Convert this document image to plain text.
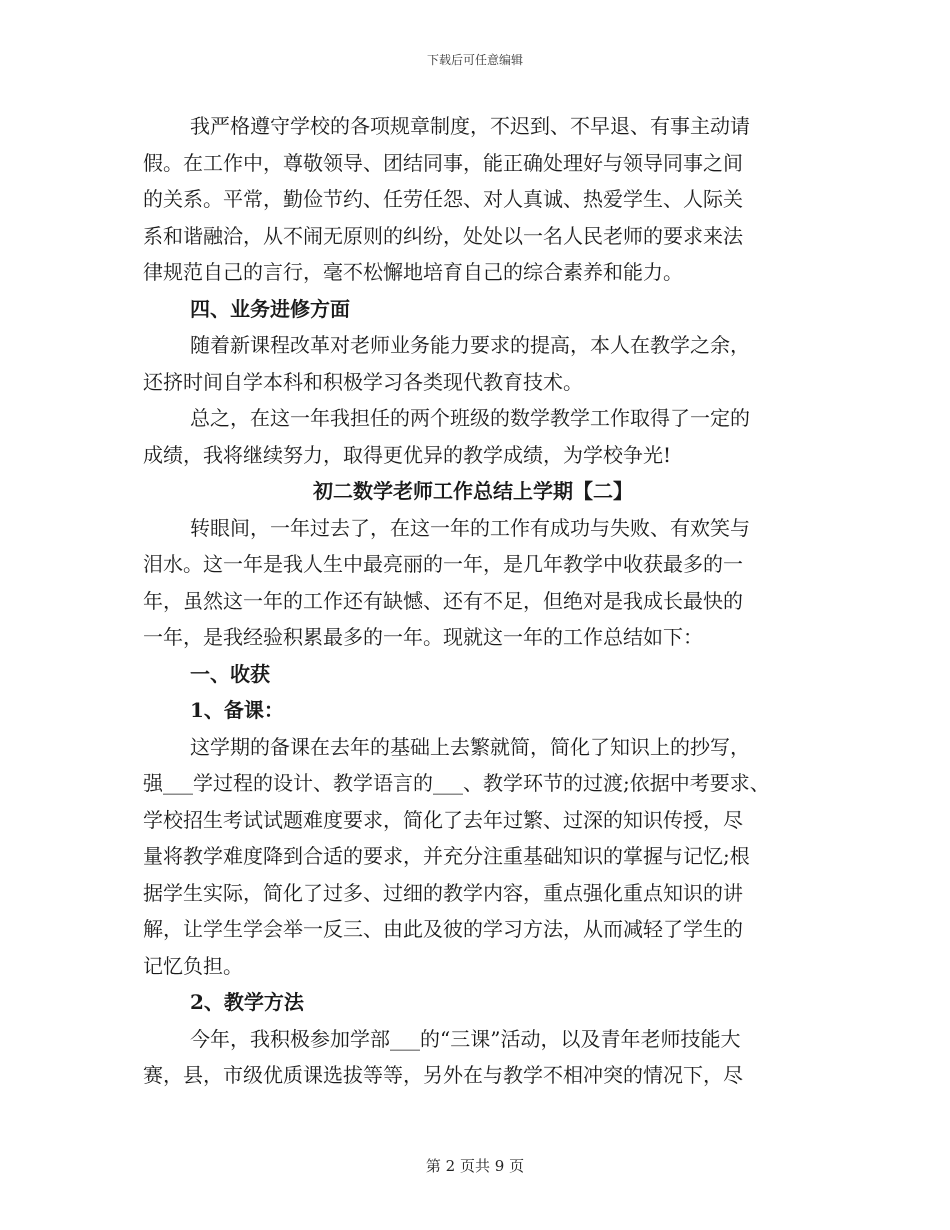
下载后可任意编辑
我严格遵守学校的各项规章制度，不迟到、不早退、有事主动请
假。在工作中，尊敬领导、团结同事，能正确处理好与领导同事之间
的关系。平常，勤俭节约、任劳任怨、对人真诚、热爱学生、人际关
系和谐融洽，从不闹无原则的纠纷，处处以一名人民老师的要求来法
律规范自己的言行，毫不松懈地培育自己的综合素养和能力。
四、业务进修方面
随着新课程改革对老师业务能力要求的提高，本人在教学之余，
还挤时间自学本科和积极学习各类现代教育技术。
总之，在这一年我担任的两个班级的数学教学工作取得了一定的
成绩，我将继续努力，取得更优异的教学成绩，为学校争光!
初二数学老师工作总结上学期【二】
转眼间，一年过去了，在这一年的工作有成功与失败、有欢笑与
泪水。这一年是我人生中最亮丽的一年，是几年教学中收获最多的一
年，虽然这一年的工作还有缺憾、还有不足，但绝对是我成长最快的
一年，是我经验积累最多的一年。现就这一年的工作总结如下：
一、收获
1、备课：
这学期的备课在去年的基础上去繁就简，简化了知识上的抄写，
强___学过程的设计、教学语言的___、教学环节的过渡;依据中考要求、
学校招生考试试题难度要求，简化了去年过繁、过深的知识传授，尽
量将教学难度降到合适的要求，并充分注重基础知识的掌握与记忆;根
据学生实际，简化了过多、过细的教学内容，重点强化重点知识的讲
解，让学生学会举一反三、由此及彼的学习方法，从而减轻了学生的
记忆负担。
2、教学方法
今年，我积极参加学部___的“三课”活动，以及青年老师技能大
赛，县，市级优质课选拔等等，另外在与教学不相冲突的情况下，尽
第 2 页共 9 页
